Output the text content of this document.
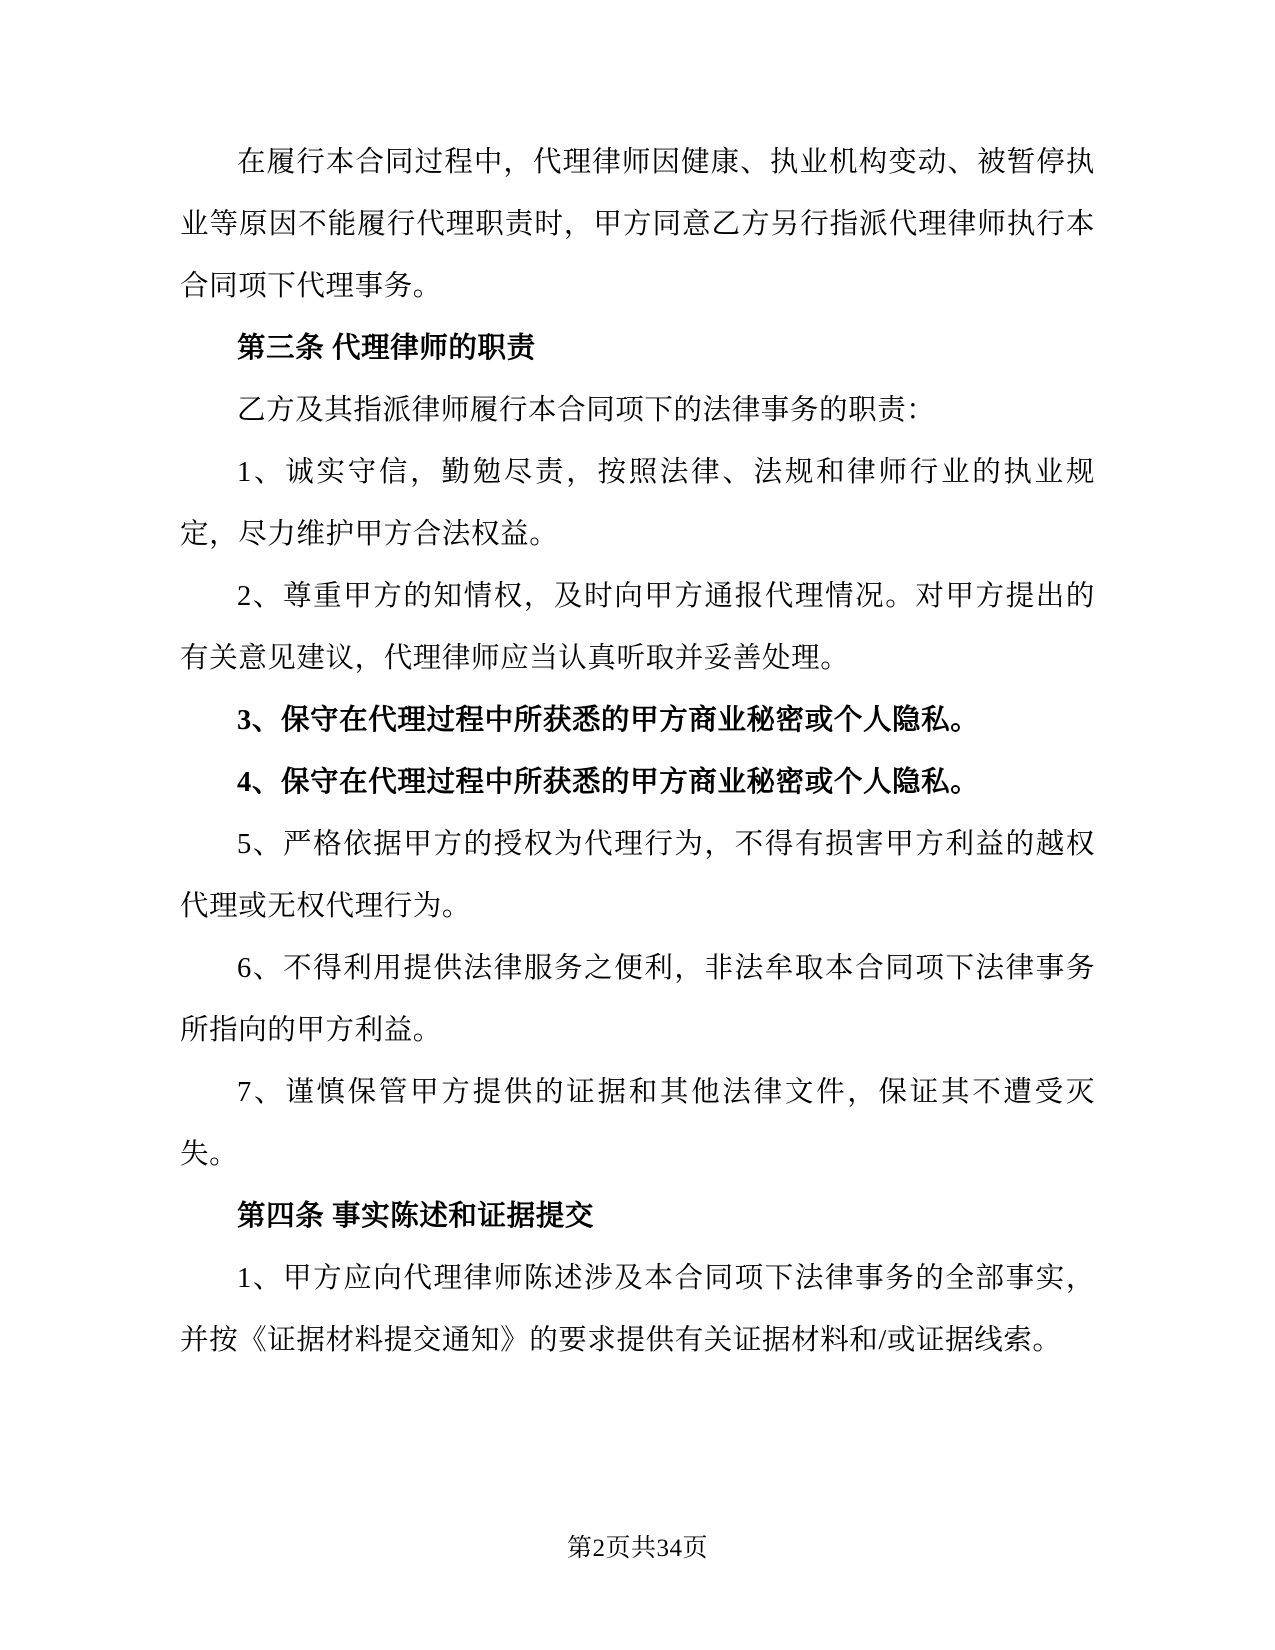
在履行本合同过程中，代理律师因健康、执业机构变动、被暂停执业等原因不能履行代理职责时，甲方同意乙方另行指派代理律师执行本合同项下代理事务。

第三条 代理律师的职责

乙方及其指派律师履行本合同项下的法律事务的职责：

1、诚实守信，勤勉尽责，按照法律、法规和律师行业的执业规定，尽力维护甲方合法权益。

2、尊重甲方的知情权，及时向甲方通报代理情况。对甲方提出的有关意见建议，代理律师应当认真听取并妥善处理。

3、保守在代理过程中所获悉的甲方商业秘密或个人隐私。

4、保守在代理过程中所获悉的甲方商业秘密或个人隐私。

5、严格依据甲方的授权为代理行为，不得有损害甲方利益的越权代理或无权代理行为。

6、不得利用提供法律服务之便利，非法牟取本合同项下法律事务所指向的甲方利益。

7、谨慎保管甲方提供的证据和其他法律文件，保证其不遭受灭失。

第四条 事实陈述和证据提交

1、甲方应向代理律师陈述涉及本合同项下法律事务的全部事实，并按《证据材料提交通知》的要求提供有关证据材料和/或证据线索。

第2页共34页
